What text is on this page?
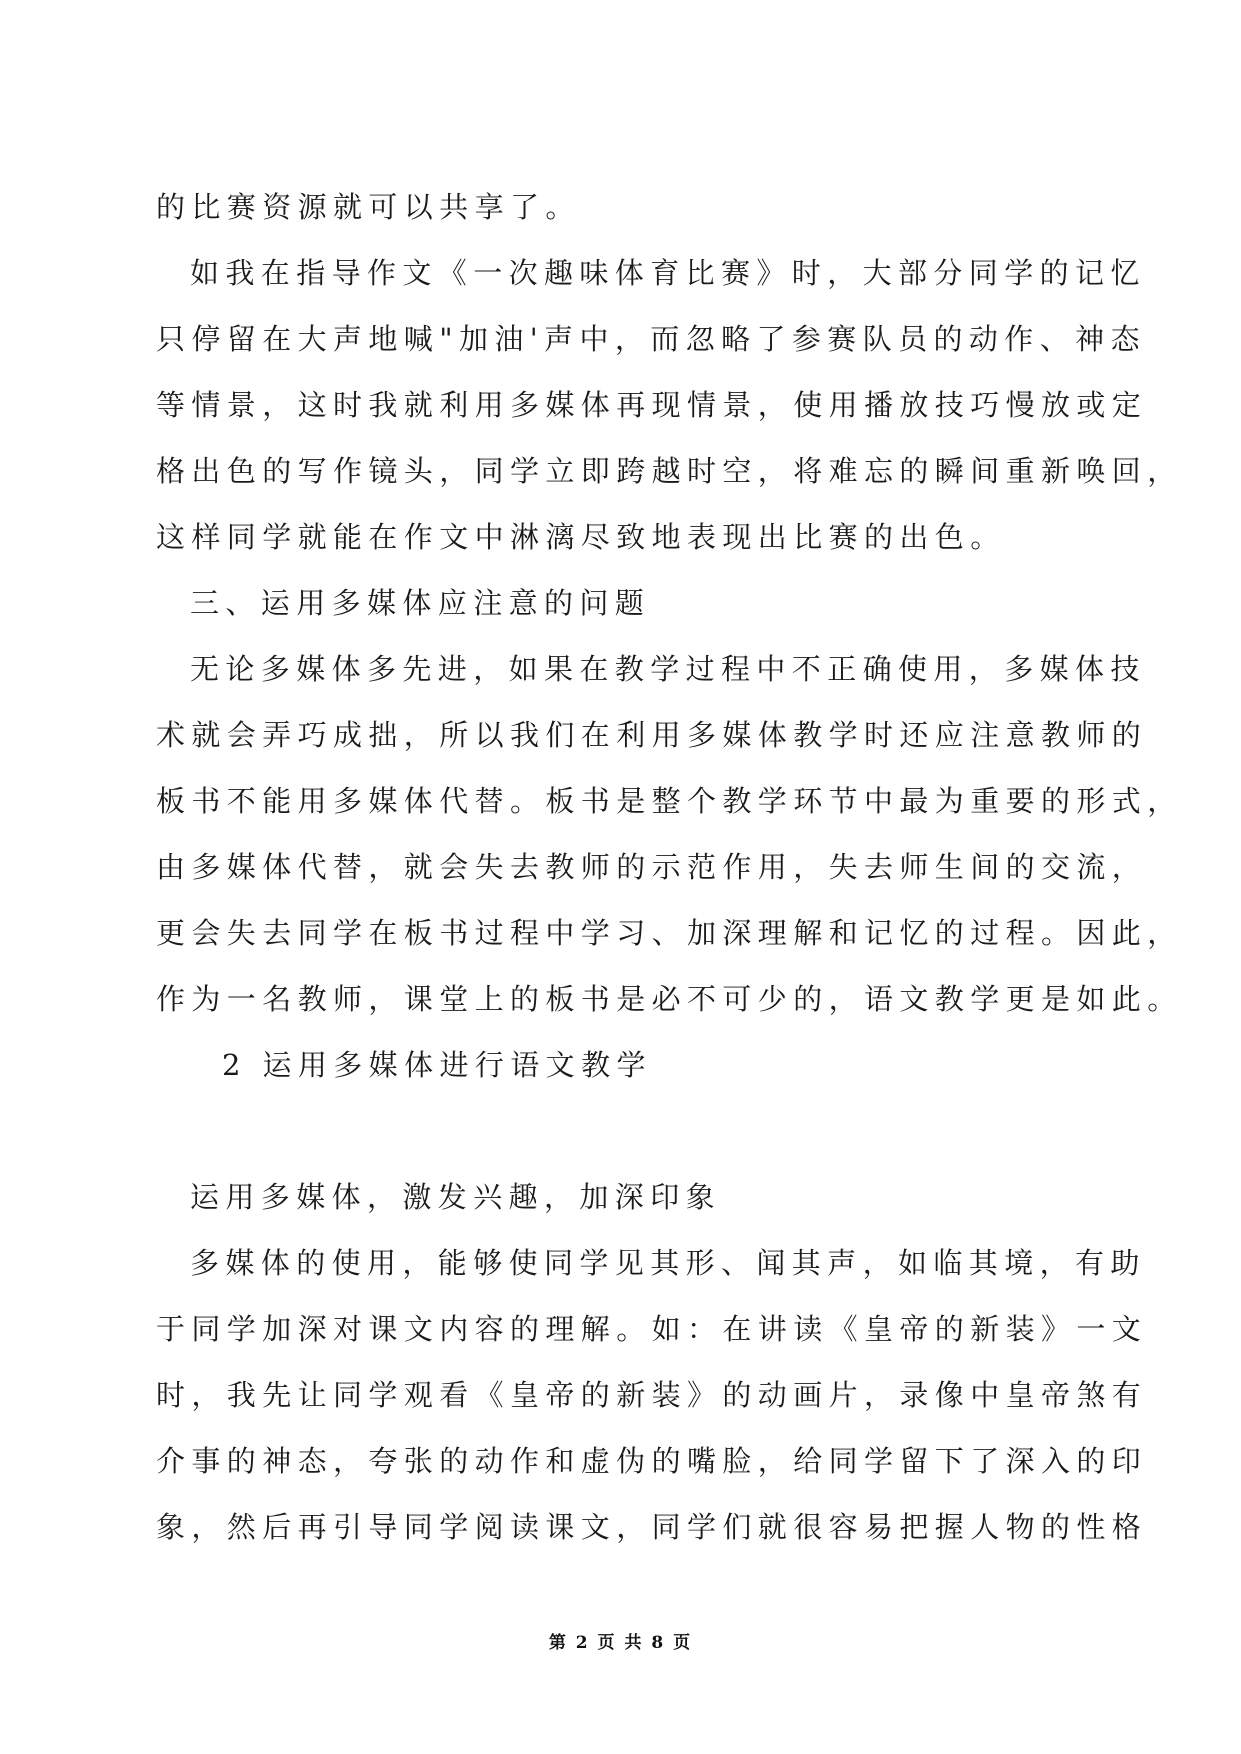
的比赛资源就可以共享了。
如我在指导作文《一次趣味体育比赛》时，大部分同学的记忆
只停留在大声地喊"加油'声中，而忽略了参赛队员的动作、神态
等情景，这时我就利用多媒体再现情景，使用播放技巧慢放或定
格出色的写作镜头，同学立即跨越时空，将难忘的瞬间重新唤回，
这样同学就能在作文中淋漓尽致地表现出比赛的出色。
三、运用多媒体应注意的问题
无论多媒体多先进，如果在教学过程中不正确使用，多媒体技
术就会弄巧成拙，所以我们在利用多媒体教学时还应注意教师的
板书不能用多媒体代替。板书是整个教学环节中最为重要的形式，
由多媒体代替，就会失去教师的示范作用，失去师生间的交流，
更会失去同学在板书过程中学习、加深理解和记忆的过程。因此，
作为一名教师，课堂上的板书是必不可少的，语文教学更是如此。
2 运用多媒体进行语文教学
运用多媒体，激发兴趣，加深印象
多媒体的使用，能够使同学见其形、闻其声，如临其境，有助
于同学加深对课文内容的理解。如：在讲读《皇帝的新装》一文
时，我先让同学观看《皇帝的新装》的动画片，录像中皇帝煞有
介事的神态，夸张的动作和虚伪的嘴脸，给同学留下了深入的印
象，然后再引导同学阅读课文，同学们就很容易把握人物的性格
第 2 页 共 8 页
